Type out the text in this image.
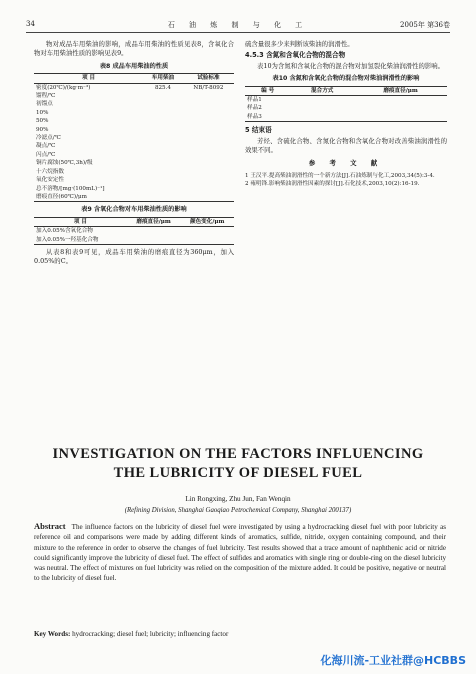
34	石 油 炼 制 与 化 工	2005年 第36卷

物对成品车用柴油的影响，成品车用柴油的性质见表8，含氧化合物对车用柴油性质的影响见表9。

表8 成品车用柴油的性质
项 目	车用柴油	试验标准
密度(20℃)/(kg·m⁻³)	825.4	NB/T-8092
馏程/℃		
初馏点		
10%		
50%		
90%		
冷滤点/℃		
凝点/℃		
闪点/℃		
铜片腐蚀(50℃,3h)/级		
十六烷指数		
氧化安定性		
总不溶物/[mg·(100mL)⁻¹]		
磨痕直径(60℃)/μm		
表9 含氧化合物对车用柴油性质的影响
项 目	磨痕直径/μm	颜色变化/μm
加入0.05%含氧化合物		
加入0.05%一羟基化合物		

从表8和表9可见，成品车用柴油的磨痕直径为360μm，加入0.05%的C。

硫含量很多少来判断该柴油的润滑性。

4.5.3 含氮和含氧化合物的混合物

表10为含氮和含氧化合物的混合物对加氢裂化柴油润滑性的影响。

表10 含氮和含氧化合物的混合物对柴油润滑性的影响
编 号	混合方式	磨痕直径/μm
样品1		
样品2		
样品3		
5 结束语

芳烃、含硫化合物、含氮化合物和含氧化合物对改善柴油润滑性的效果不同。

参 考 文 献

1 王汉平.提高柴油润滑性的一个新方法[J].石油炼制与化工,2003,34(5):3-4.

2 雍明锋.影响柴油润滑性因素的探讨[J].石化技术,2003,10(2):16-19.

INVESTIGATION ON THE FACTORS INFLUENCING
THE LUBRICITY OF DIESEL FUEL
Lin Rongxing, Zhu Jun, Fan Wenqin
(Refining Division, Shanghai Gaoqiao Petrochemical Company, Shanghai 200137)
Abstract The influence factors on the lubricity of diesel fuel were investigated by using a hydrocracking diesel fuel with poor lubricity as reference oil and comparisons were made by adding different kinds of aromatics, sulfide, nitride, oxygen containing compound, and their mixture to the reference in order to observe the changes of fuel lubricity. Test results showed that a trace amount of naphthenic acid or nitride could significantly improve the lubricity of diesel fuel. The effect of sulfides and aromatics with single ring or double-ring on the diesel lubricity was neutral. The effect of mixtures on fuel lubricity was relied on the composition of the mixture added. It could be positive, negative or neutral to the lubricity of diesel fuel.
Key Words: hydrocracking; diesel fuel; lubricity; influencing factor
化海川流-工业社群@HCBBS
